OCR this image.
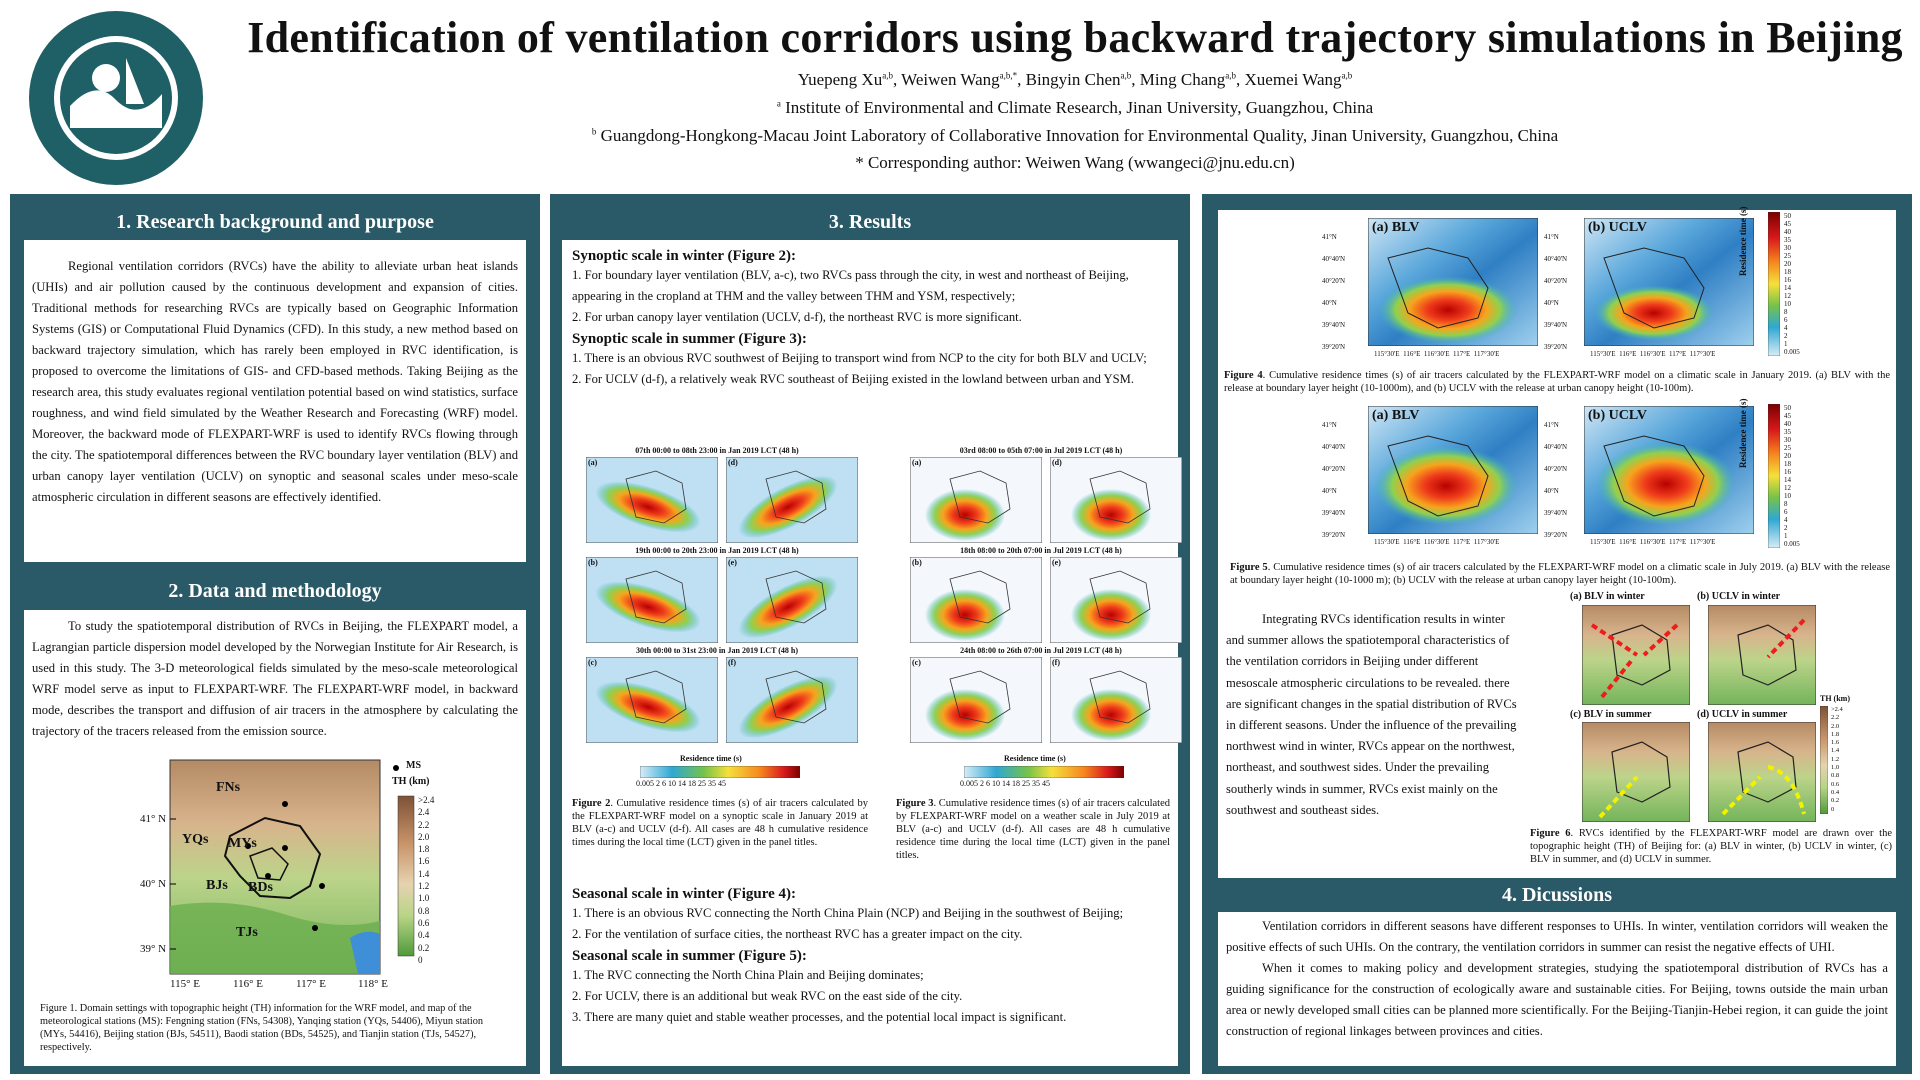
1906
Identification of ventilation corridors using backward trajectory simulations in Beijing
Yuepeng Xu$^{a,b}$, Weiwen Wang$^{a,b,*}$, Bingyin Chen$^{a,b}$, Ming Chang$^{a,b}$, Xuemei Wang$^{a,b}$
$^a$ Institute of Environmental and Climate Research, Jinan University, Guangzhou, China
$^b$ Guangdong-Hongkong-Macau Joint Laboratory of Collaborative Innovation for Environmental Quality, Jinan University, Guangzhou, China
* Corresponding author: Weiwen Wang (wwangeci@jnu.edu.cn)
1. Research background and purpose
Regional ventilation corridors (RVCs) have the ability to alleviate urban heat islands (UHIs) and air pollution caused by the continuous development and expansion of cities. Traditional methods for researching RVCs are typically based on Geographic Information Systems (GIS) or Computational Fluid Dynamics (CFD). In this study, a new method based on backward trajectory simulation, which has rarely been employed in RVC identification, is proposed to overcome the limitations of GIS- and CFD-based methods. Taking Beijing as the research area, this study evaluates regional ventilation potential based on wind statistics, surface roughness, and wind field simulated by the Weather Research and Forecasting (WRF) model. Moreover, the backward mode of FLEXPART-WRF is used to identify RVCs flowing through the city. The spatiotemporal differences between the RVC boundary layer ventilation (BLV) and urban canopy layer ventilation (UCLV) on synoptic and seasonal scales under meso-scale atmospheric circulation in different seasons are effectively identified.
2. Data and methodology
To study the spatiotemporal distribution of RVCs in Beijing, the FLEXPART model, a Lagrangian particle dispersion model developed by the Norwegian Institute for Air Research, is used in this study. The 3-D meteorological fields simulated by the meso-scale meteorological WRF model serve as input to FLEXPART-WRF. The FLEXPART-WRF model, in backward mode, describes the transport and diffusion of air tracers in the atmosphere by calculating the trajectory of the tracers released from the emission source.
FNs
YQs MYs
BJs BDs
TJs
MS
TH (km)
>2.4
2.4
2.2
2.0
1.8
1.6
1.4
1.2
1.0
0.8
0.6
0.4
0.2
0
41° N
40° N
39° N
115° E	116° E	117° E	118° E
Figure 1. Domain settings with topographic height (TH) information for the WRF model, and map of the meteorological stations (MS): Fengning station (FNs, 54308), Yanqing station (YQs, 54406), Miyun station (MYs, 54416), Beijing station (BJs, 54511), Baodi station (BDs, 54525), and Tianjin station (TJs, 54527), respectively.
3. Results
Synoptic scale in winter (Figure 2):
1. For boundary layer ventilation (BLV, a-c), two RVCs pass through the city, in west and northeast of Beijing, appearing in the cropland at THM and the valley between THM and YSM, respectively;
2. For urban canopy layer ventilation (UCLV, d-f), the northeast RVC is more significant.
Synoptic scale in summer (Figure 3):
1. There is an obvious RVC southwest of Beijing to transport wind from NCP to the city for both BLV and UCLV;
2. For UCLV (d-f), a relatively weak RVC southeast of Beijing existed in the lowland between urban and YSM.
07th 00:00 to 08th 23:00 in Jan 2019 LCT (48 h)
(a)	(d)
19th 00:00 to 20th 23:00 in Jan 2019 LCT (48 h)
(b)	(e)
30th 00:00 to 31st 23:00 in Jan 2019 LCT (48 h)
(c)	(f)
03rd 08:00 to 05th 07:00 in Jul 2019 LCT (48 h)
(a)	(d)
18th 08:00 to 20th 07:00 in Jul 2019 LCT (48 h)
(b)	(e)
24th 08:00 to 26th 07:00 in Jul 2019 LCT (48 h)
(c)	(f)
0.005 2 6 10 14 18 25 35 45
Residence time (s)
0.005 2 6 10 14 18 25 35 45
Residence time (s)
Figure 2. Cumulative residence times (s) of air tracers calculated by the FLEXPART-WRF model on a synoptic scale in January 2019 at BLV (a-c) and UCLV (d-f). All cases are 48 h cumulative residence times during the local time (LCT) given in the panel titles.
Figure 3. Cumulative residence times (s) of air tracers calculated by FLEXPART-WRF model on a weather scale in July 2019 at BLV (a-c) and UCLV (d-f). All cases are 48 h cumulative residence time during the local time (LCT) given in the panel titles.
Seasonal scale in winter (Figure 4):
1. There is an obvious RVC connecting the North China Plain (NCP) and Beijing in the southwest of Beijing;
2. For the ventilation of surface cities, the northeast RVC has a greater impact on the city.
Seasonal scale in summer (Figure 5):
1. The RVC connecting the North China Plain and Beijing dominates;
2. For UCLV, there is an additional but weak RVC on the east side of the city.
3. There are many quiet and stable weather processes, and the potential local impact is significant.
(a) BLV	(b) UCLV
50
45
40
35
30
25
20
18
16
14
12
10
8
6
4
2
1
0.005
Residence time (s)
41°N
40°40'N
40°20'N
40°N
39°40'N
39°20'N
41°N
40°40'N
40°20'N
40°N
39°40'N
39°20'N
115°30'E  116°E  116°30'E  117°E  117°30'E	115°30'E  116°E  116°30'E  117°E  117°30'E
Figure 4. Cumulative residence times (s) of air tracers calculated by the FLEXPART-WRF model on a climatic scale in January 2019. (a) BLV with the release at boundary layer height (10-1000m), and (b) UCLV with the release at urban canopy height (10-100m).
(a) BLV	(b) UCLV	50
45
40
35
30
25
20
18
16
14
12
10
8
6
4
2
1
0.005
Residence time (s)
41°N
40°40'N
40°20'N
40°N
39°40'N
39°20'N
41°N
40°40'N
40°20'N
40°N
39°40'N
39°20'N
115°30'E  116°E  116°30'E  117°E  117°30'E	115°30'E  116°E  116°30'E  117°E  117°30'E
Figure 5. Cumulative residence times (s) of air tracers calculated by the FLEXPART-WRF model on a climatic scale in July 2019. (a) BLV with the release at boundary layer height (10-1000 m); (b) UCLV with the release at urban canopy layer height (10-100m).
Integrating RVCs identification results in winter and summer allows the spatiotemporal characteristics of the ventilation corridors in Beijing under different mesoscale atmospheric circulations to be revealed. there are significant changes in the spatial distribution of RVCs in different seasons. Under the influence of the prevailing northwest wind in winter, RVCs appear on the northwest, northeast, and southwest sides. Under the prevailing southerly winds in summer, RVCs exist mainly on the southwest and southeast sides.
(a) BLV in winter	(b) UCLV in winter
(c) BLV in summer	(d) UCLV in summer
TH (km)
>2.4
2.2
2.0
1.8
1.6
1.4
1.2
1.0
0.8
0.6
0.4
0.2
0
Figure 6. RVCs identified by the FLEXPART-WRF model are drawn over the topographic height (TH) of Beijing for: (a) BLV in winter, (b) UCLV in winter, (c) BLV in summer, and (d) UCLV in summer.
4. Dicussions
Ventilation corridors in different seasons have different responses to UHIs. In winter, ventilation corridors will weaken the positive effects of such UHIs. On the contrary, the ventilation corridors in summer can resist the negative effects of UHI.
When it comes to making policy and development strategies, studying the spatiotemporal distribution of RVCs has a guiding significance for the construction of ecologically aware and sustainable cities. For Beijing, towns outside the main urban area or newly developed small cities can be planned more scientifically. For the Beijing-Tianjin-Hebei region, it can guide the joint construction of regional linkages between provinces and cities.
